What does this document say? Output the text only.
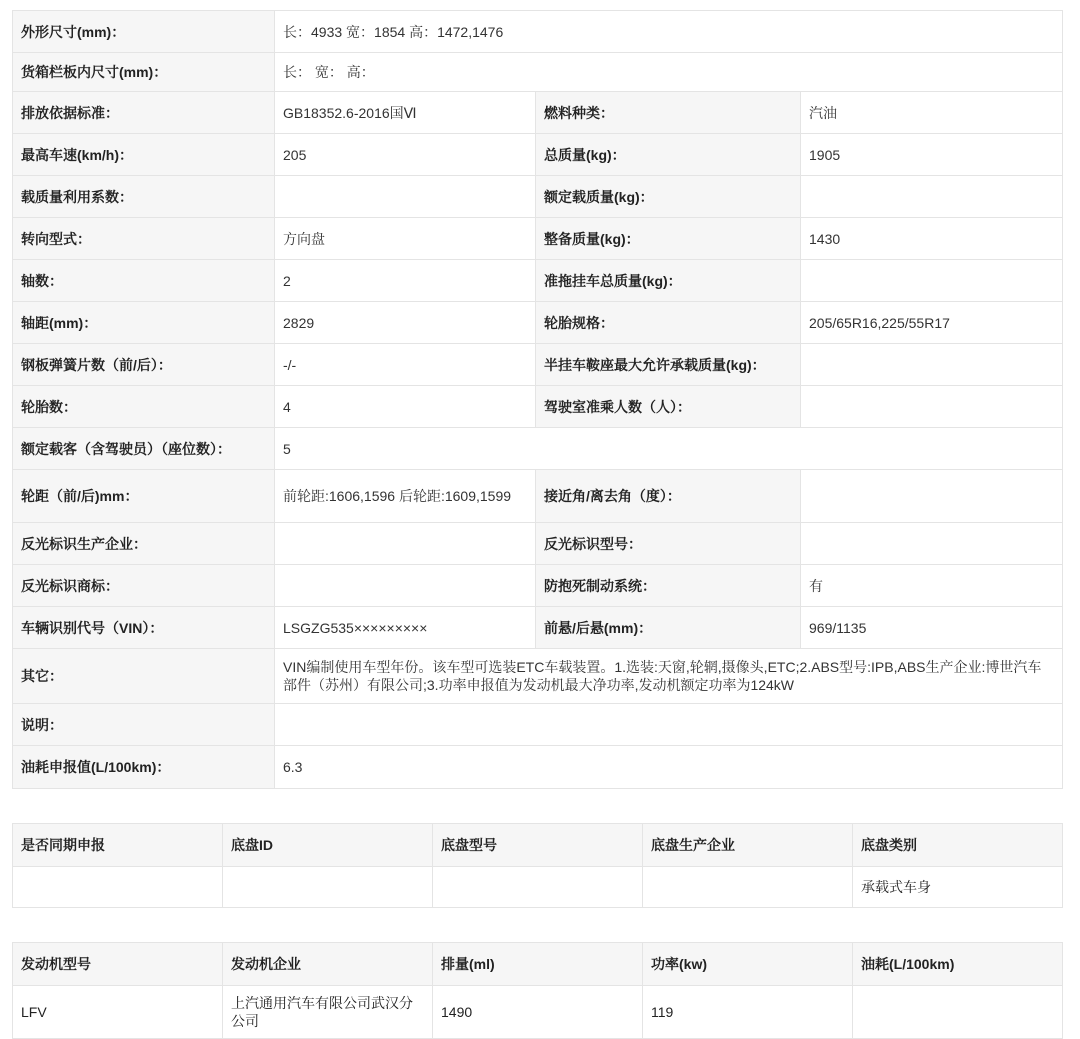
外形尺寸(mm)：	长：4933 宽：1854 高：1472,1476		
货箱栏板内尺寸(mm)：	长： 宽： 高：		
排放依据标准：	GB18352.6-2016国Ⅵ	燃料种类：	汽油
最高车速(km/h)：	205	总质量(kg)：	1905
载质量利用系数：		额定载质量(kg)：	
转向型式：	方向盘	整备质量(kg)：	1430
轴数：	2	准拖挂车总质量(kg)：	
轴距(mm)：	2829	轮胎规格：	205/65R16,225/55R17
钢板弹簧片数（前/后）：	-/-	半挂车鞍座最大允许承载质量(kg)：	
轮胎数：	4	驾驶室准乘人数（人）：	
额定载客（含驾驶员）（座位数）：	5		
轮距（前/后)mm：	前轮距:1606,1596 后轮距:1609,1599	接近角/离去角（度）：	
反光标识生产企业：		反光标识型号：	
反光标识商标：		防抱死制动系统：	有
车辆识别代号（VIN）：	LSGZG535×××××××××	前悬/后悬(mm)：	969/1135
其它：	VIN编制使用车型年份。该车型可选装ETC车载装置。1.选装:天窗,轮辋,摄像头,ETC;2.ABS型号:IPB,ABS生产企业:博世汽车部件（苏州）有限公司;3.功率申报值为发动机最大净功率,发动机额定功率为124kW		
说明：			
油耗申报值(L/100km)：	6.3		
是否同期申报	底盘ID	底盘型号	底盘生产企业	底盘类别
				承载式车身
发动机型号	发动机企业	排量(ml)	功率(kw)	油耗(L/100km)
LFV	上汽通用汽车有限公司武汉分公司	1490	119	
